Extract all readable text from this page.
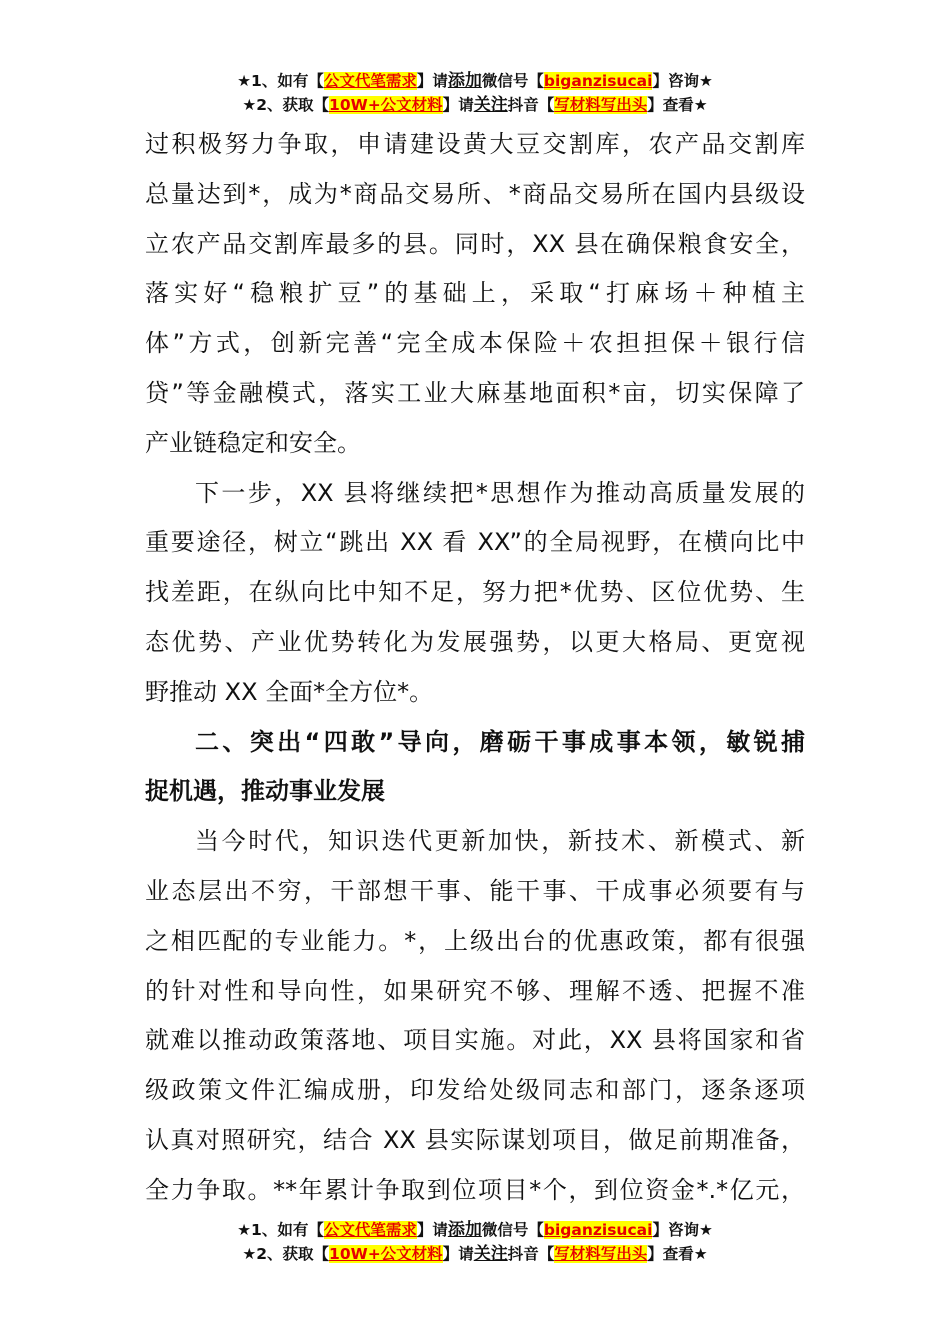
★1、如有【公文代笔需求】请添加微信号【biganzisucai】咨询★
★2、获取【10W+公文材料】请关注抖音【写材料写出头】查看★
过积极努力争取，申请建设黄大豆交割库，农产品交割库
总量达到*，成为*商品交易所、*商品交易所在国内县级设
立农产品交割库最多的县。同时，XX 县在确保粮食安全，
落实好“稳粮扩豆”的基础上，采取“打麻场＋种植主
体”方式，创新完善“完全成本保险＋农担担保＋银行信
贷”等金融模式，落实工业大麻基地面积*亩，切实保障了
产业链稳定和安全。
下一步，XX 县将继续把*思想作为推动高质量发展的
重要途径，树立“跳出 XX 看 XX”的全局视野，在横向比中
找差距，在纵向比中知不足，努力把*优势、区位优势、生
态优势、产业优势转化为发展强势，以更大格局、更宽视
野推动 XX 全面*全方位*。
二、突出“四敢”导向，磨砺干事成事本领，敏锐捕
捉机遇，推动事业发展
当今时代，知识迭代更新加快，新技术、新模式、新
业态层出不穷，干部想干事、能干事、干成事必须要有与
之相匹配的专业能力。*，上级出台的优惠政策，都有很强
的针对性和导向性，如果研究不够、理解不透、把握不准
就难以推动政策落地、项目实施。对此，XX 县将国家和省
级政策文件汇编成册，印发给处级同志和部门，逐条逐项
认真对照研究，结合 XX 县实际谋划项目，做足前期准备，
全力争取。**年累计争取到位项目*个，到位资金*.*亿元，
★1、如有【公文代笔需求】请添加微信号【biganzisucai】咨询★
★2、获取【10W+公文材料】请关注抖音【写材料写出头】查看★
